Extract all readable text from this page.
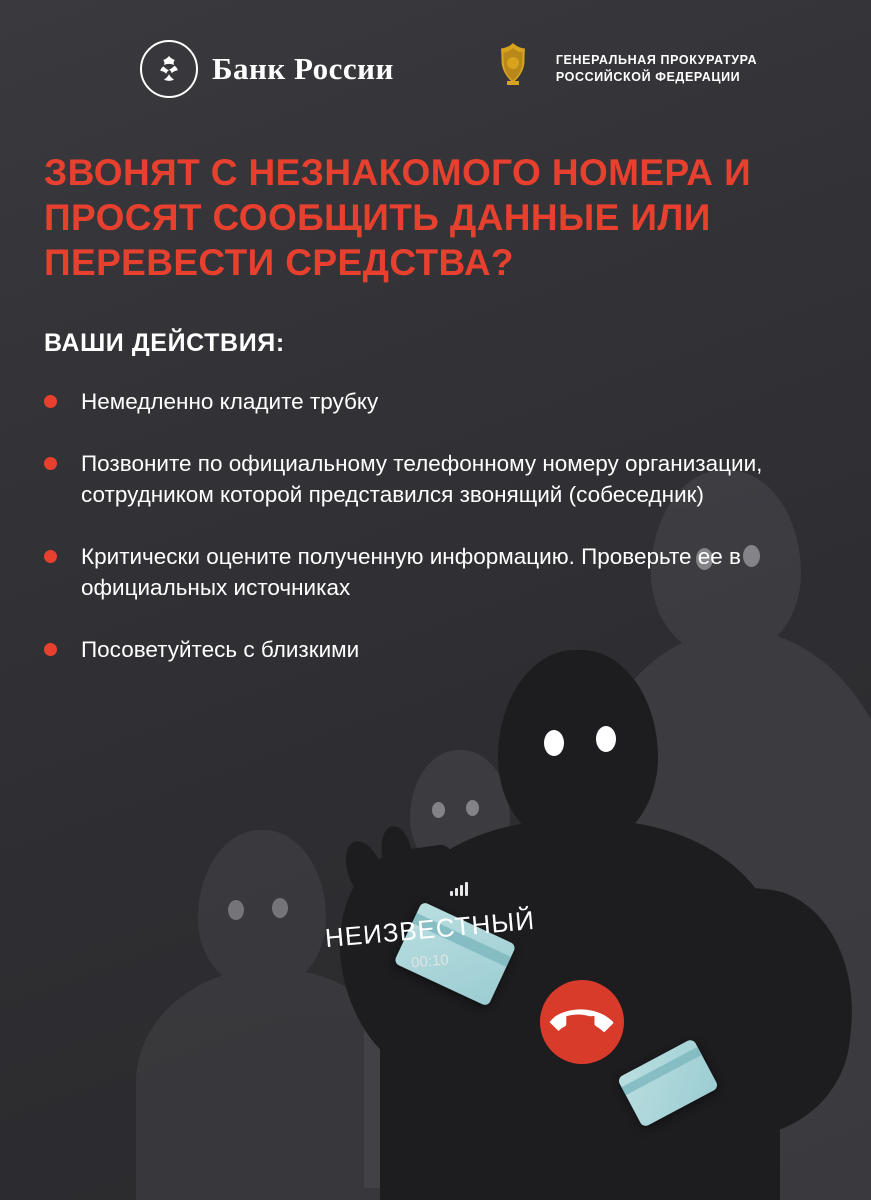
НЕИЗВЕСТНЫЙ
00:10
Банк России	ГЕНЕРАЛЬНАЯ ПРОКУРАТУРА
РОССИЙСКОЙ ФЕДЕРАЦИИ
ЗВОНЯТ С НЕЗНАКОМОГО НОМЕРА И ПРОСЯТ СООБЩИТЬ ДАННЫЕ ИЛИ ПЕРЕВЕСТИ СРЕДСТВА?
ВАШИ ДЕЙСТВИЯ:
Немедленно кладите трубку
Позвоните по официальному телефонному номеру организации, сотрудником которой представился звонящий (собеседник)
Критически оцените полученную информацию. Проверьте ее в официальных источниках
Посоветуйтесь с близкими
